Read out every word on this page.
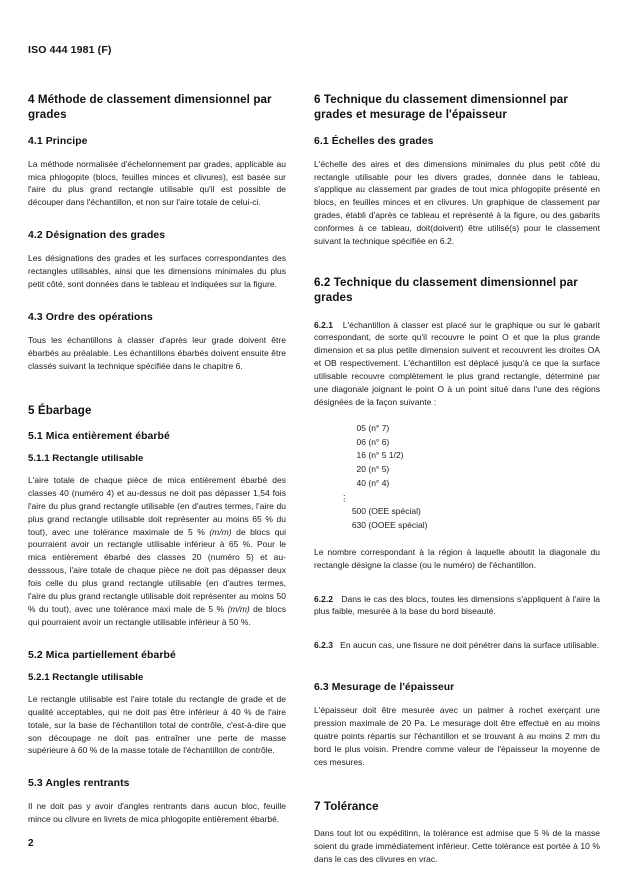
ISO 444 1981 (F)
4 Méthode de classement dimensionnel par grades
4.1 Principe

La méthode normalisée d'échelonnement par grades, applicable au mica phlogopite (blocs, feuilles minces et clivures), est basée sur l'aire du plus grand rectangle utilisable qu'il est possible de découper dans l'échantillon, et non sur l'aire totale de celui-ci.

4.2 Désignation des grades

Les désignations des grades et les surfaces correspondantes des rectangles utilisables, ainsi que les dimensions minimales du plus petit côté, sont données dans le tableau et indiquées sur la figure.

4.3 Ordre des opérations

Tous les échantillons à classer d'après leur grade doivent être ébarbés au préalable. Les échantillons ébarbés doivent ensuite être classés suivant la technique spécifiée dans le chapitre 6.

5 Ébarbage
5.1 Mica entièrement ébarbé
5.1.1 Rectangle utilisable

L'aire totale de chaque pièce de mica entièrement ébarbé des classes 40 (numéro 4) et au-dessus ne doit pas dépasser 1,54 fois l'aire du plus grand rectangle utilisable (en d'autres termes, l'aire du plus grand rectangle utilisable doit représenter au moins 65 % du tout), avec une tolérance maximale de 5 % (m/m) de blocs qui pourraient avoir un rectangle utilisable inférieur à 65 %. Pour le mica entièrement ébarbé des classes 20 (numéro 5) et au-desssous, l'aire totale de chaque pièce ne doit pas dépasser deux fois celle du plus grand rectangle utilisable (en d'autres termes, l'aire du plus grand rectangle utilisable doit représenter au moins 50 % du tout), avec une tolérance maxi male de 5 % (m/m) de blocs qui pourraient avoir un rectangle utilisable inférieur à 50 %.

5.2 Mica partiellement ébarbé
5.2.1 Rectangle utilisable

Le rectangle utilisable est l'aire totale du rectangle de grade et de qualité acceptables, qui ne doit pas être inférieur à 40 % de l'aire totale, sur la base de l'échantillon total de contrôle, c'est-à-dire que son découpage ne doit pas entraîner une perte de masse supérieure à 60 % de la masse totale de l'échantillon de contrôle.

5.3 Angles rentrants

Il ne doit pas y avoir d'angles rentrants dans aucun bloc, feuille mince ou clivure en livrets de mica phlogopite entièrement ébarbé.

6 Technique du classement dimensionnel par grades et mesurage de l'épaisseur
6.1 Échelles des grades

L'échelle des aires et des dimensions minimales du plus petit côté du rectangle utilisable pour les divers grades, donnée dans le tableau, s'applique au classement par grades de tout mica phlogopite présenté en blocs, en feuilles minces et en clivures. Un graphique de classement par grades, établi d'après ce tableau et représenté à la figure, ou des gabarits conformes à ce tableau, doit(doivent) être utilisé(s) pour le classement suivant la technique spécifiée en 6.2.

6.2 Technique du classement dimensionnel par grades

6.2.1 L'échantillon à classer est placé sur le graphique ou sur le gabarit correspondant, de sorte qu'il recouvre le point O et que la plus grande dimension et sa plus petite dimension suivent et recouvrent les droites OA et OB respectivement. L'échantillon est déplacé jusqu'à ce que la surface utilisable recouvre complètement le plus grand rectangle, déterminé par une diagonale joignant le point O à un point situé dans l'une des régions désignées de la façon suivante :

05 (n° 7)
06 (n° 6)
16 (n° 5 1/2)
20 (n° 5)
40 (n° 4)
⋮
500 (OEE spécial)
630 (OOEE spécial)

Le nombre correspondant à la région à laquelle aboutit la diagonale du rectangle désigne la classe (ou le numéro) de l'échantillon.

6.2.2 Dans le cas des blocs, toutes les dimensions s'appliquent à l'aire la plus faible, mesurée à la base du bord biseauté.

6.2.3 En aucun cas, une fissure ne doit pénétrer dans la surface utilisable.

6.3 Mesurage de l'épaisseur

L'épaisseur doit être mesurée avec un palmer à rochet exerçant une pression maximale de 20 Pa. Le mesurage doit être effectué en au moins quatre points répartis sur l'échantillon et se trouvant à au moins 2 mm du bord le plus voisin. Prendre comme valeur de l'épaisseur la moyenne de ces mesures.

7 Tolérance

Dans tout lot ou expéditinn, la tolérance est admise que 5 % de la masse soient du grade immédiatement inférieur. Cette tolérance est portée à 10 % dans le cas des clivures en vrac.

2
